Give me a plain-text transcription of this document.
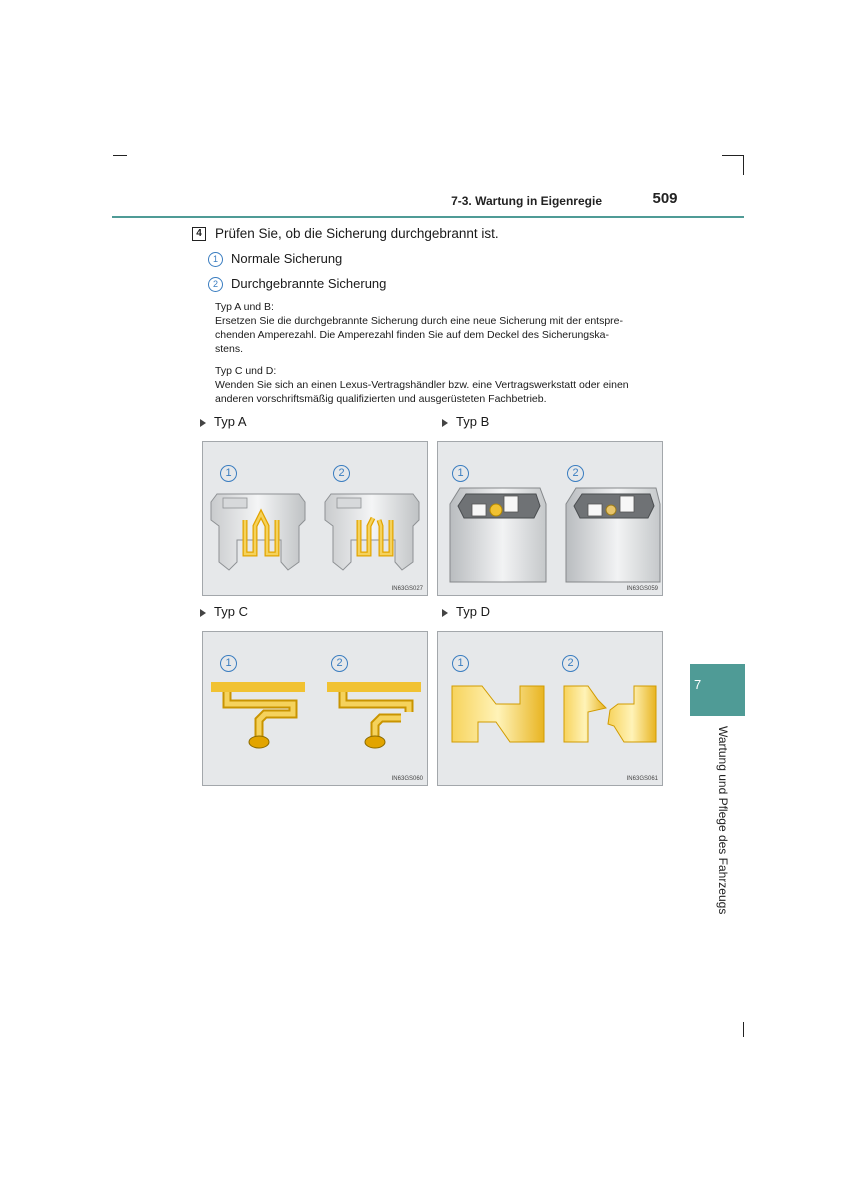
7-3. Wartung in Eigenregie	509
4 Prüfen Sie, ob die Sicherung durchgebrannt ist.
1	Normale Sicherung
2	Durchgebrannte Sicherung
Typ A und B:
Ersetzen Sie die durchgebrannte Sicherung durch eine neue Sicherung mit der entspre-
chenden Amperezahl. Die Amperezahl finden Sie auf dem Deckel des Sicherungska-
stens.
Typ C und D:
Wenden Sie sich an einen Lexus-Vertragshändler bzw. eine Vertragswerkstatt oder einen
anderen vorschriftsmäßig qualifizierten und ausgerüsteten Fachbetrieb.
Typ A
1	2
IN63GS027
Typ B
1	2
IN63GS059
Typ C
1	2
IN63GS060
Typ D
1	2
IN63GS061
7
Wartung und Pflege des Fahrzeugs
